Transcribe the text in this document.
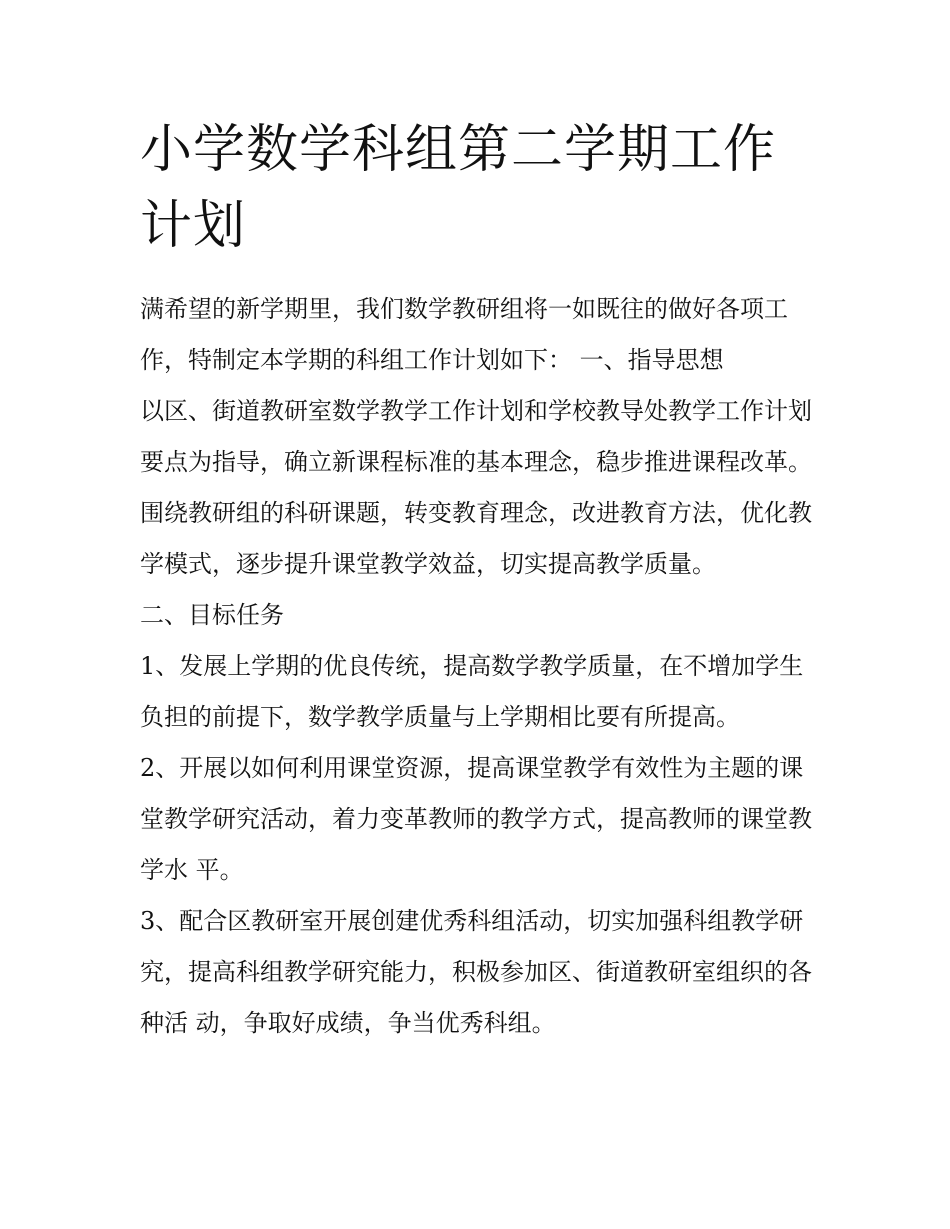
小学数学科组第二学期工作计划

满希望的新学期里，我们数学教研组将一如既往的做好各项工作，特制定本学期的科组工作计划如下： 一、指导思想

以区、街道教研室数学教学工作计划和学校教导处教学工作计划要点为指导，确立新课程标准的基本理念，稳步推进课程改革。

围绕教研组的科研课题，转变教育理念，改进教育方法，优化教学模式，逐步提升课堂教学效益，切实提高教学质量。

二、目标任务

1、发展上学期的优良传统，提高数学教学质量，在不增加学生负担的前提下，数学教学质量与上学期相比要有所提高。

2、开展以如何利用课堂资源，提高课堂教学有效性为主题的课堂教学研究活动，着力变革教师的教学方式，提高教师的课堂教学水 平。

3、配合区教研室开展创建优秀科组活动，切实加强科组教学研究，提高科组教学研究能力，积极参加区、街道教研室组织的各种活 动，争取好成绩，争当优秀科组。
